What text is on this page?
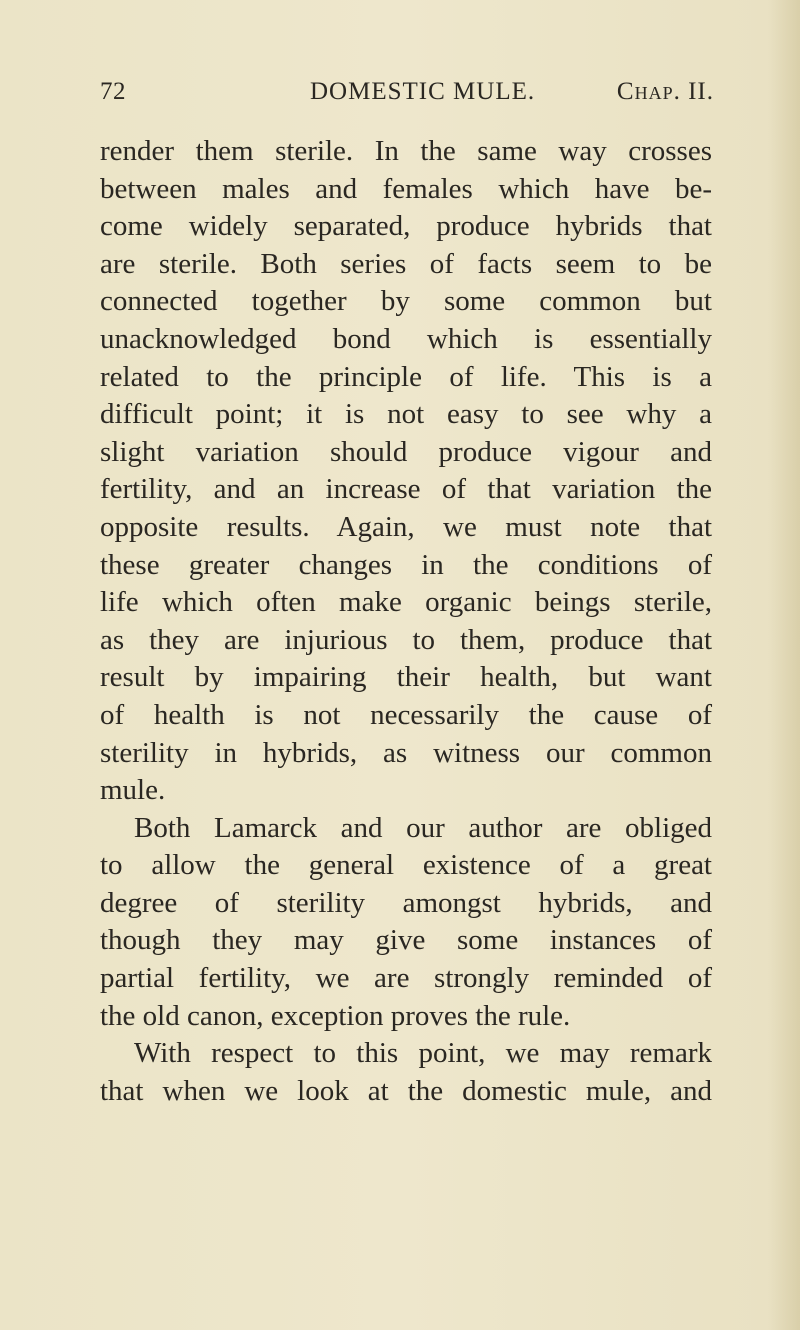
72	DOMESTIC MULE.	Chap. II.
render them sterile. In the same way crosses
between males and females which have be-
come widely separated, produce hybrids that
are sterile. Both series of facts seem to be
connected together by some common but
unacknowledged bond which is essentially
related to the principle of life. This is a
difficult point; it is not easy to see why a
slight variation should produce vigour and
fertility, and an increase of that variation the
opposite results. Again, we must note that
these greater changes in the conditions of
life which often make organic beings sterile,
as they are injurious to them, produce that
result by impairing their health, but want
of health is not necessarily the cause of
sterility in hybrids, as witness our common
mule.
Both Lamarck and our author are obliged
to allow the general existence of a great
degree of sterility amongst hybrids, and
though they may give some instances of
partial fertility, we are strongly reminded of
the old canon, exception proves the rule.
With respect to this point, we may remark
that when we look at the domestic mule, and
